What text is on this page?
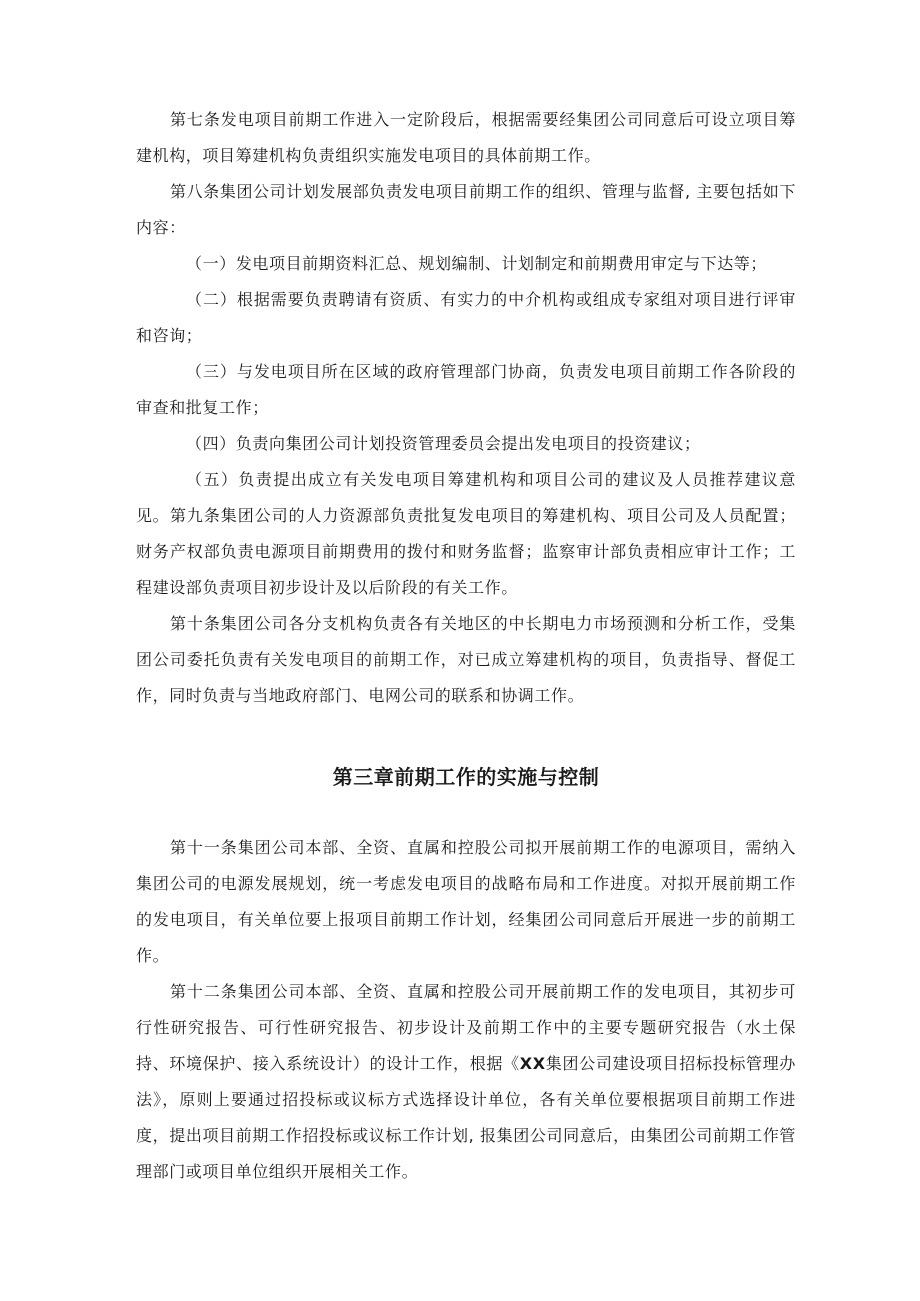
第七条发电项目前期工作进入一定阶段后，根据需要经集团公司同意后可设立项目筹建机构，项目筹建机构负责组织实施发电项目的具体前期工作。

第八条集团公司计划发展部负责发电项目前期工作的组织、管理与监督, 主要包括如下内容：

（一）发电项目前期资料汇总、规划编制、计划制定和前期费用审定与下达等；

（二）根据需要负责聘请有资质、有实力的中介机构或组成专家组对项目进行评审和咨询；

（三）与发电项目所在区域的政府管理部门协商，负责发电项目前期工作各阶段的审查和批复工作；

（四）负责向集团公司计划投资管理委员会提出发电项目的投资建议；

（五）负责提出成立有关发电项目筹建机构和项目公司的建议及人员推荐建议意见。 第九条集团公司的人力资源部负责批复发电项目的筹建机构、项目公司及人员配置；财务产权部负责电源项目前期费用的拨付和财务监督；监察审计部负责相应审计工作；工程建设部负责项目初步设计及以后阶段的有关工作。

第十条集团公司各分支机构负责各有关地区的中长期电力市场预测和分析工作，受集团公司委托负责有关发电项目的前期工作，对已成立筹建机构的项目，负责指导、督促工作，同时负责与当地政府部门、电网公司的联系和协调工作。

第三章前期工作的实施与控制

第十一条集团公司本部、全资、直属和控股公司拟开展前期工作的电源项目，需纳入集团公司的电源发展规划，统一考虑发电项目的战略布局和工作进度。对拟开展前期工作的发电项目，有关单位要上报项目前期工作计划，经集团公司同意后开展进一步的前期工作。

第十二条集团公司本部、全资、直属和控股公司开展前期工作的发电项目，其初步可行性研究报告、可行性研究报告、初步设计及前期工作中的主要专题研究报告（水土保持、环境保护、接入系统设计）的设计工作，根据《XX集团公司建设项目招标投标管理办法》，原则上要通过招投标或议标方式选择设计单位，各有关单位要根据项目前期工作进度，提出项目前期工作招投标或议标工作计划, 报集团公司同意后，由集团公司前期工作管理部门或项目单位组织开展相关工作。
